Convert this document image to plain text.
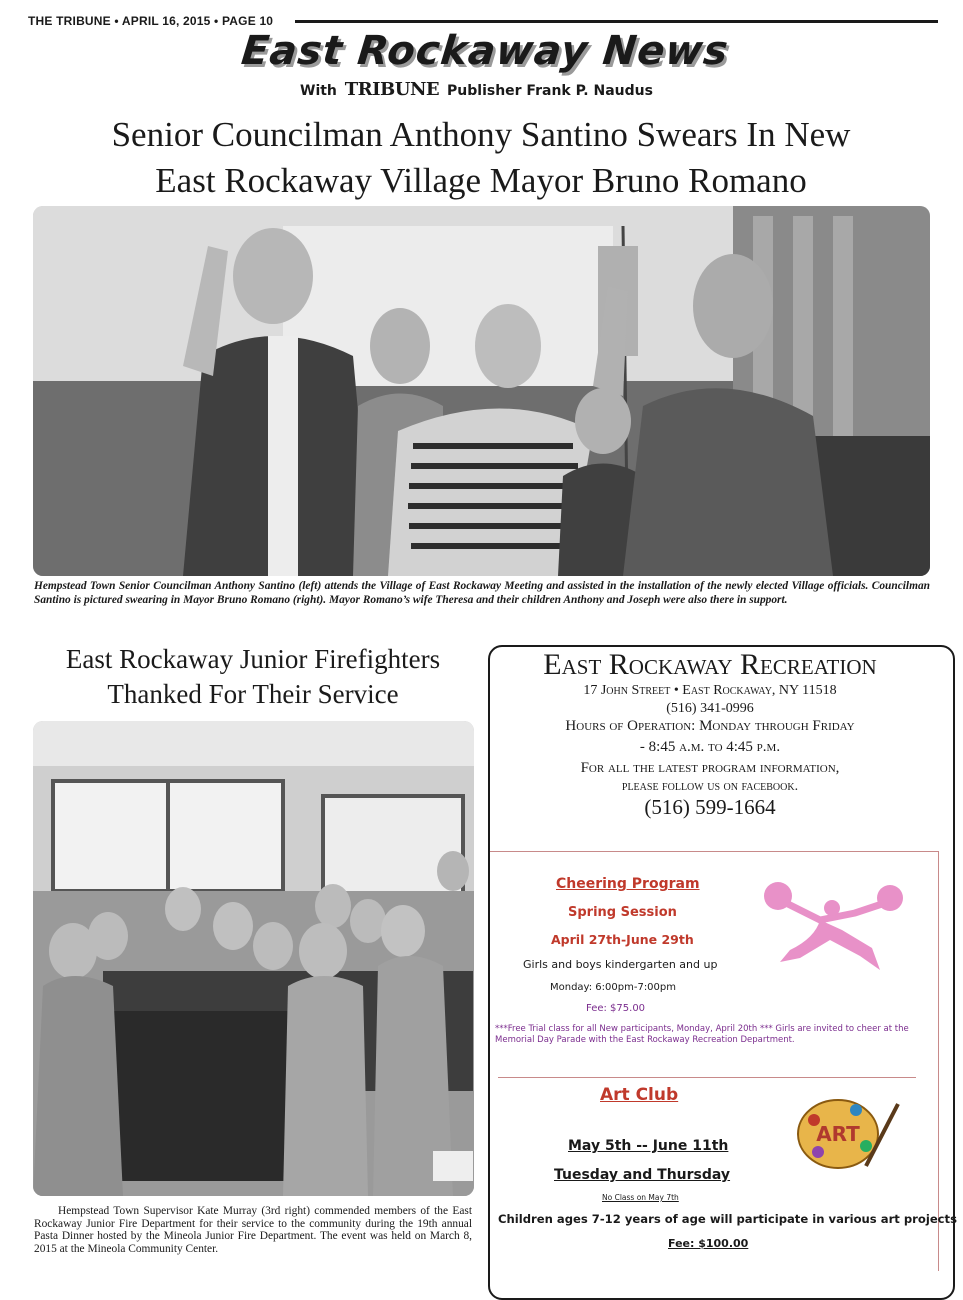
THE TRIBUNE • APRIL 16, 2015 • PAGE 10
East Rockaway News
With TRIBUNE Publisher Frank P. Naudus
Senior Councilman Anthony Santino Swears In New
East Rockaway Village Mayor Bruno Romano
Hempstead Town Senior Councilman Anthony Santino (left) attends the Village of East Rockaway Meeting and assisted in the installation of the newly elected Village officials. Councilman Santino is pictured swearing in Mayor Bruno Romano (right). Mayor Romano’s wife Theresa and their children Anthony and Joseph were also there in support.
East Rockaway Junior Firefighters
Thanked For Their Service
Hempstead Town Supervisor Kate Murray (3rd right) commended members of the East Rockaway Junior Fire Department for their service to the community during the 19th annual Pasta Dinner hosted by the Mineola Junior Fire Department. The event was held on March 8, 2015 at the Mineola Community Center.
East Rockaway Recreation
17 John Street • East Rockaway, NY 11518
(516) 341-0996
Hours of Operation: Monday through Friday
- 8:45 a.m. to 4:45 p.m.
For all the latest program information,
please follow us on facebook.
(516) 599-1664
Cheering Program
Spring Session
April 27th-June 29th
Girls and boys kindergarten and up
Monday: 6:00pm-7:00pm
Fee: $75.00
***Free Trial class for all New participants, Monday, April 20th *** Girls are invited to cheer at the Memorial Day Parade with the East Rockaway Recreation Department.
Art Club
ART
May 5th -- June 11th
Tuesday and Thursday
No Class on May 7th
Children ages 7-12 years of age will participate in various art projects
Fee: $100.00
